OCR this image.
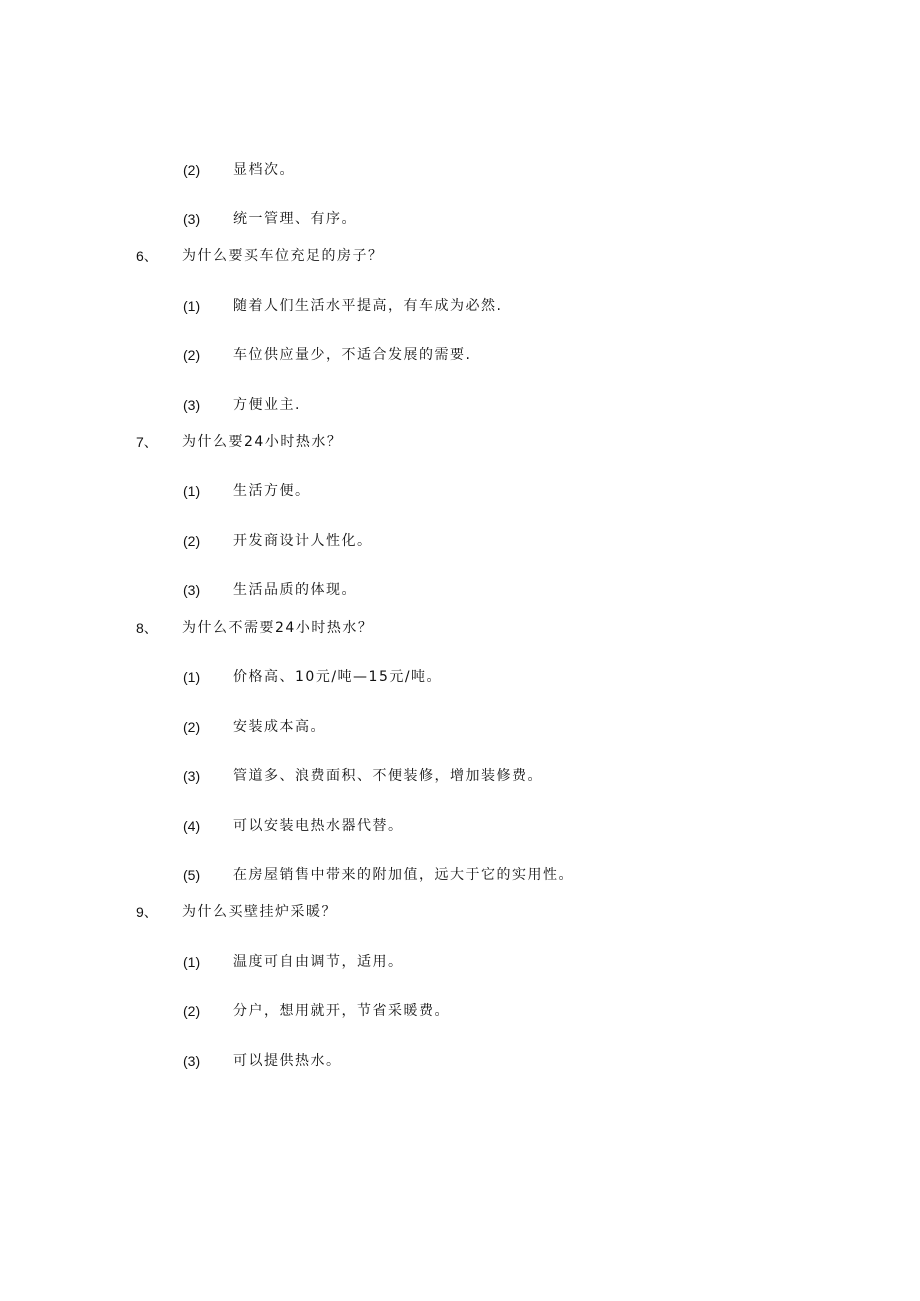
(2) 显档次。
(3) 统一管理、有序。
6、 为什么要买车位充足的房子？
(1) 随着人们生活水平提高，有车成为必然.
(2) 车位供应量少，不适合发展的需要.
(3) 方便业主.
7、 为什么要24小时热水？
(1) 生活方便。
(2) 开发商设计人性化。
(3) 生活品质的体现。
8、 为什么不需要24小时热水？
(1) 价格高、10元/吨—15元/吨。
(2) 安装成本高。
(3) 管道多、浪费面积、不便装修，增加装修费。
(4) 可以安装电热水器代替。
(5) 在房屋销售中带来的附加值，远大于它的实用性。
9、 为什么买壁挂炉采暖？
(1) 温度可自由调节，适用。
(2) 分户，想用就开，节省采暖费。
(3) 可以提供热水。
